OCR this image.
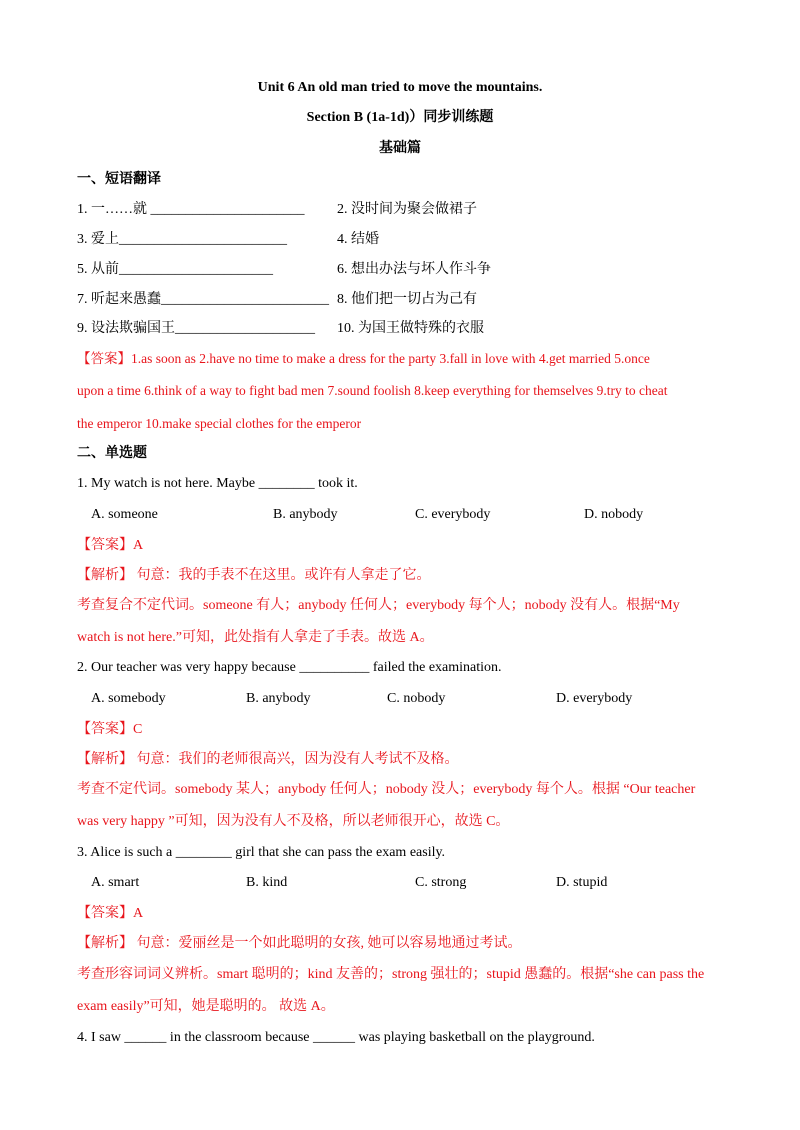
Unit 6 An old man tried to move the mountains.
Section B (1a-1d)）同步训练题
基础篇
一、短语翻译
1. 一……就 ______________________ 2. 没时间为聚会做裙子
3. 爱上________________________	4. 结婚
5. 从前______________________	6. 想出办法与坏人作斗争
7. 听起来愚蠢________________________ 8. 他们把一切占为己有
9. 设法欺骗国王____________________ 10. 为国王做特殊的衣服
【答案】1.as soon as 2.have no time to make a dress for the party 3.fall in love with 4.get married 5.once
upon a time 6.think of a way to fight bad men 7.sound foolish 8.keep everything for themselves 9.try to cheat
the emperor 10.make special clothes for the emperor
二、单选题
1. My watch is not here. Maybe ________ took it.
A. someone	B. anybody	C. everybody	D. nobody
【答案】A
【解析】 句意：我的手表不在这里。或许有人拿走了它。
考查复合不定代词。someone 有人；anybody 任何人；everybody 每个人；nobody 没有人。根据“My
watch is not here.”可知，此处指有人拿走了手表。故选 A。
2. Our teacher was very happy because __________ failed the examination.
A. somebody	B. anybody	C. nobody	D. everybody
【答案】C
【解析】 句意：我们的老师很高兴，因为没有人考试不及格。
考查不定代词。somebody 某人；anybody 任何人；nobody 没人；everybody 每个人。根据 “Our teacher
was very happy ”可知，因为没有人不及格，所以老师很开心，故选 C。
3. Alice is such a ________ girl that she can pass the exam easily.
A. smart	B. kind	C. strong	D. stupid
【答案】A
【解析】 句意：爱丽丝是一个如此聪明的女孩, 她可以容易地通过考试。
考查形容词词义辨析。smart 聪明的；kind 友善的；strong 强壮的；stupid 愚蠢的。根据“she can pass the
exam easily”可知，她是聪明的。 故选 A。
4. I saw ______ in the classroom because ______ was playing basketball on the playground.
